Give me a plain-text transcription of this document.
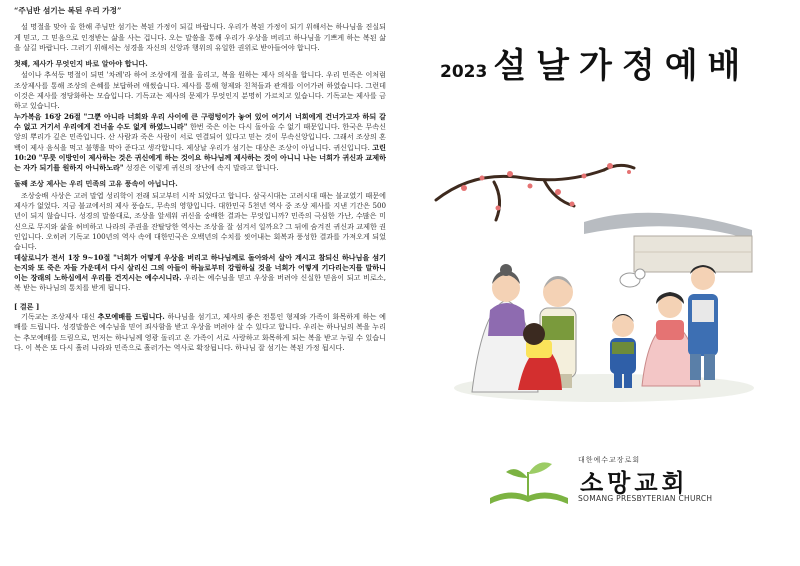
“주님반 섬기는 복된 우리 가정”

설 명절을 맞아 올 한해 주님만 섬기는 복된 가정이 되길 바랍니다. 우리가 복된 가정이 되기 위해서는 하나님을 진실되게 믿고, 그 믿음으로 인정받는 삶을 사는 겁니다. 오는 말씀을 통해 우리가 우상을 버리고 하나님을 기쁘게 하는 복된 삶을 살길 바랍니다. 그러기 위해서는 성경을 자신의 신앙과 행위의 유일한 권위로 받아들여야 합니다.

첫째, 제사가 무엇인지 바로 알아야 합니다.

설이나 추석등 명절이 되면 '차례'라 하여 조상에게 절을 올리고, 복을 원하는 제사 의식을 합니다. 우리 민족은 이처럼 조상제사를 통해 조상의 은혜를 보답하려 애썼습니다. 제사를 통해 형제와 친척들과 관계를 이어가려 하였습니다. 그런데 이것은 제사를 정당화하는 모습입니다. 기독교는 제사의 문제가 무엇인지 분명히 가르치고 있습니다. 기독교는 제사를 금하고 있습니다.

누가복음 16장 26절 "그뿐 아니라 너희와 우리 사이에 큰 구렁텅이가 놓여 있어 여기서 너희에게 건너가고자 하되 갈 수 없고 거기서 우리에게 건너올 수도 없게 하였느니라" 한번 죽은 이는 다시 돌아올 수 없기 때문입니다. 한국은 무속신앙의 뿌리가 깊은 민족입니다. 산 사람과 죽은 사람이 서로 연결되어 있다고 믿는 것이 무속신앙입니다. 그래서 조상의 혼백이 제사 음식을 먹고 불행을 막아 준다고 생각합니다. 제상날 우리가 섬기는 대상은 조상이 아닙니다. 귀신입니다. 고린10:20 "무릇 이방인이 제사하는 것은 귀신에게 하는 것이요 하나님께 제사하는 것이 아니니 나는 너희가 귀신과 교제하는 자가 되기를 원하지 아니하노라" 성경은 이렇게 귀신의 장난에 속지 말라고 합니다.

둘째 조상 제사는 우리 민족의 고유 풍속이 아닙니다.

조상숭배 사상은 고려 말엽 성리학이 전래 되고부터 시작 되었다고 합니다. 삼국시대는 고려시대 때는 불교였기 때문에 제사가 없었다. 지금 불교에서의 제사 풍습도, 무속의 영향입니다. 대한민국 5천년 역사 중 조상 제사를 지낸 기간은 500년이 되지 않습니다. 성경의 말씀대로, 조상을 앞세워 귀신을 숭배한 결과는 무엇입니까? 민족의 극심한 가난, 수많은 미신으로 무지와 삶을 허비하고 나라의 주권을 잔탈당한 역사는 조상을 잘 섬겨서 일까요? 그 뒤에 숨겨진 귀신과 교제한 권인입니다. 오히려 기독교 100년의 역사 속에 대한민국은 오백년의 수치를 씻어내는 회복과 풍성한 결과를 가져오게 되었습니다.

데살로니가 전서 1장 9~10절 "너희가 어떻게 우상을 버리고 하나님께로 돌아와서 살아 계시고 참되신 하나님을 섬기는지와 또 죽은 자들 가운데서 다시 살리신 그의 아들이 하늘로부터 강림하실 것을 너희가 어떻게 기다리는지를 말하니 이는 장래의 노하심에서 우리를 건지시는 예수시니라. 우리는 예수님을 믿고 우상을 버려야 신실한 믿음이 되고 비로소, 복 받는 하나님의 통치를 받게 됩니다.

[ 결론 ]

기독교는 조상제사 대신 추모예배를 드립니다. 하나님을 섬기고, 제사의 좋은 전통인 형제와 가족이 화목하게 하는 예배를 드립니다. 성경말씀은 예수님을 믿어 죄사함을 받고 우상을 버려야 살 수 있다고 합니다. 우리는 하나님의 복을 누리는 추모예배를 드림으로, 먼저는 하나님께 영광 돌리고 온 가족이 서로 사랑하고 화목하게 되는 복을 받고 누릴 수 있습니다. 이 복은 또 다시 흘러 나라와 민족으로 흘러가는 역사로 확장됩니다. 하나님 잘 섬기는 복된 가정 됩시다.

2023 설날가정예배
대한예수교장로회
소망교회
SOMANG PRESBYTERIAN CHURCH
